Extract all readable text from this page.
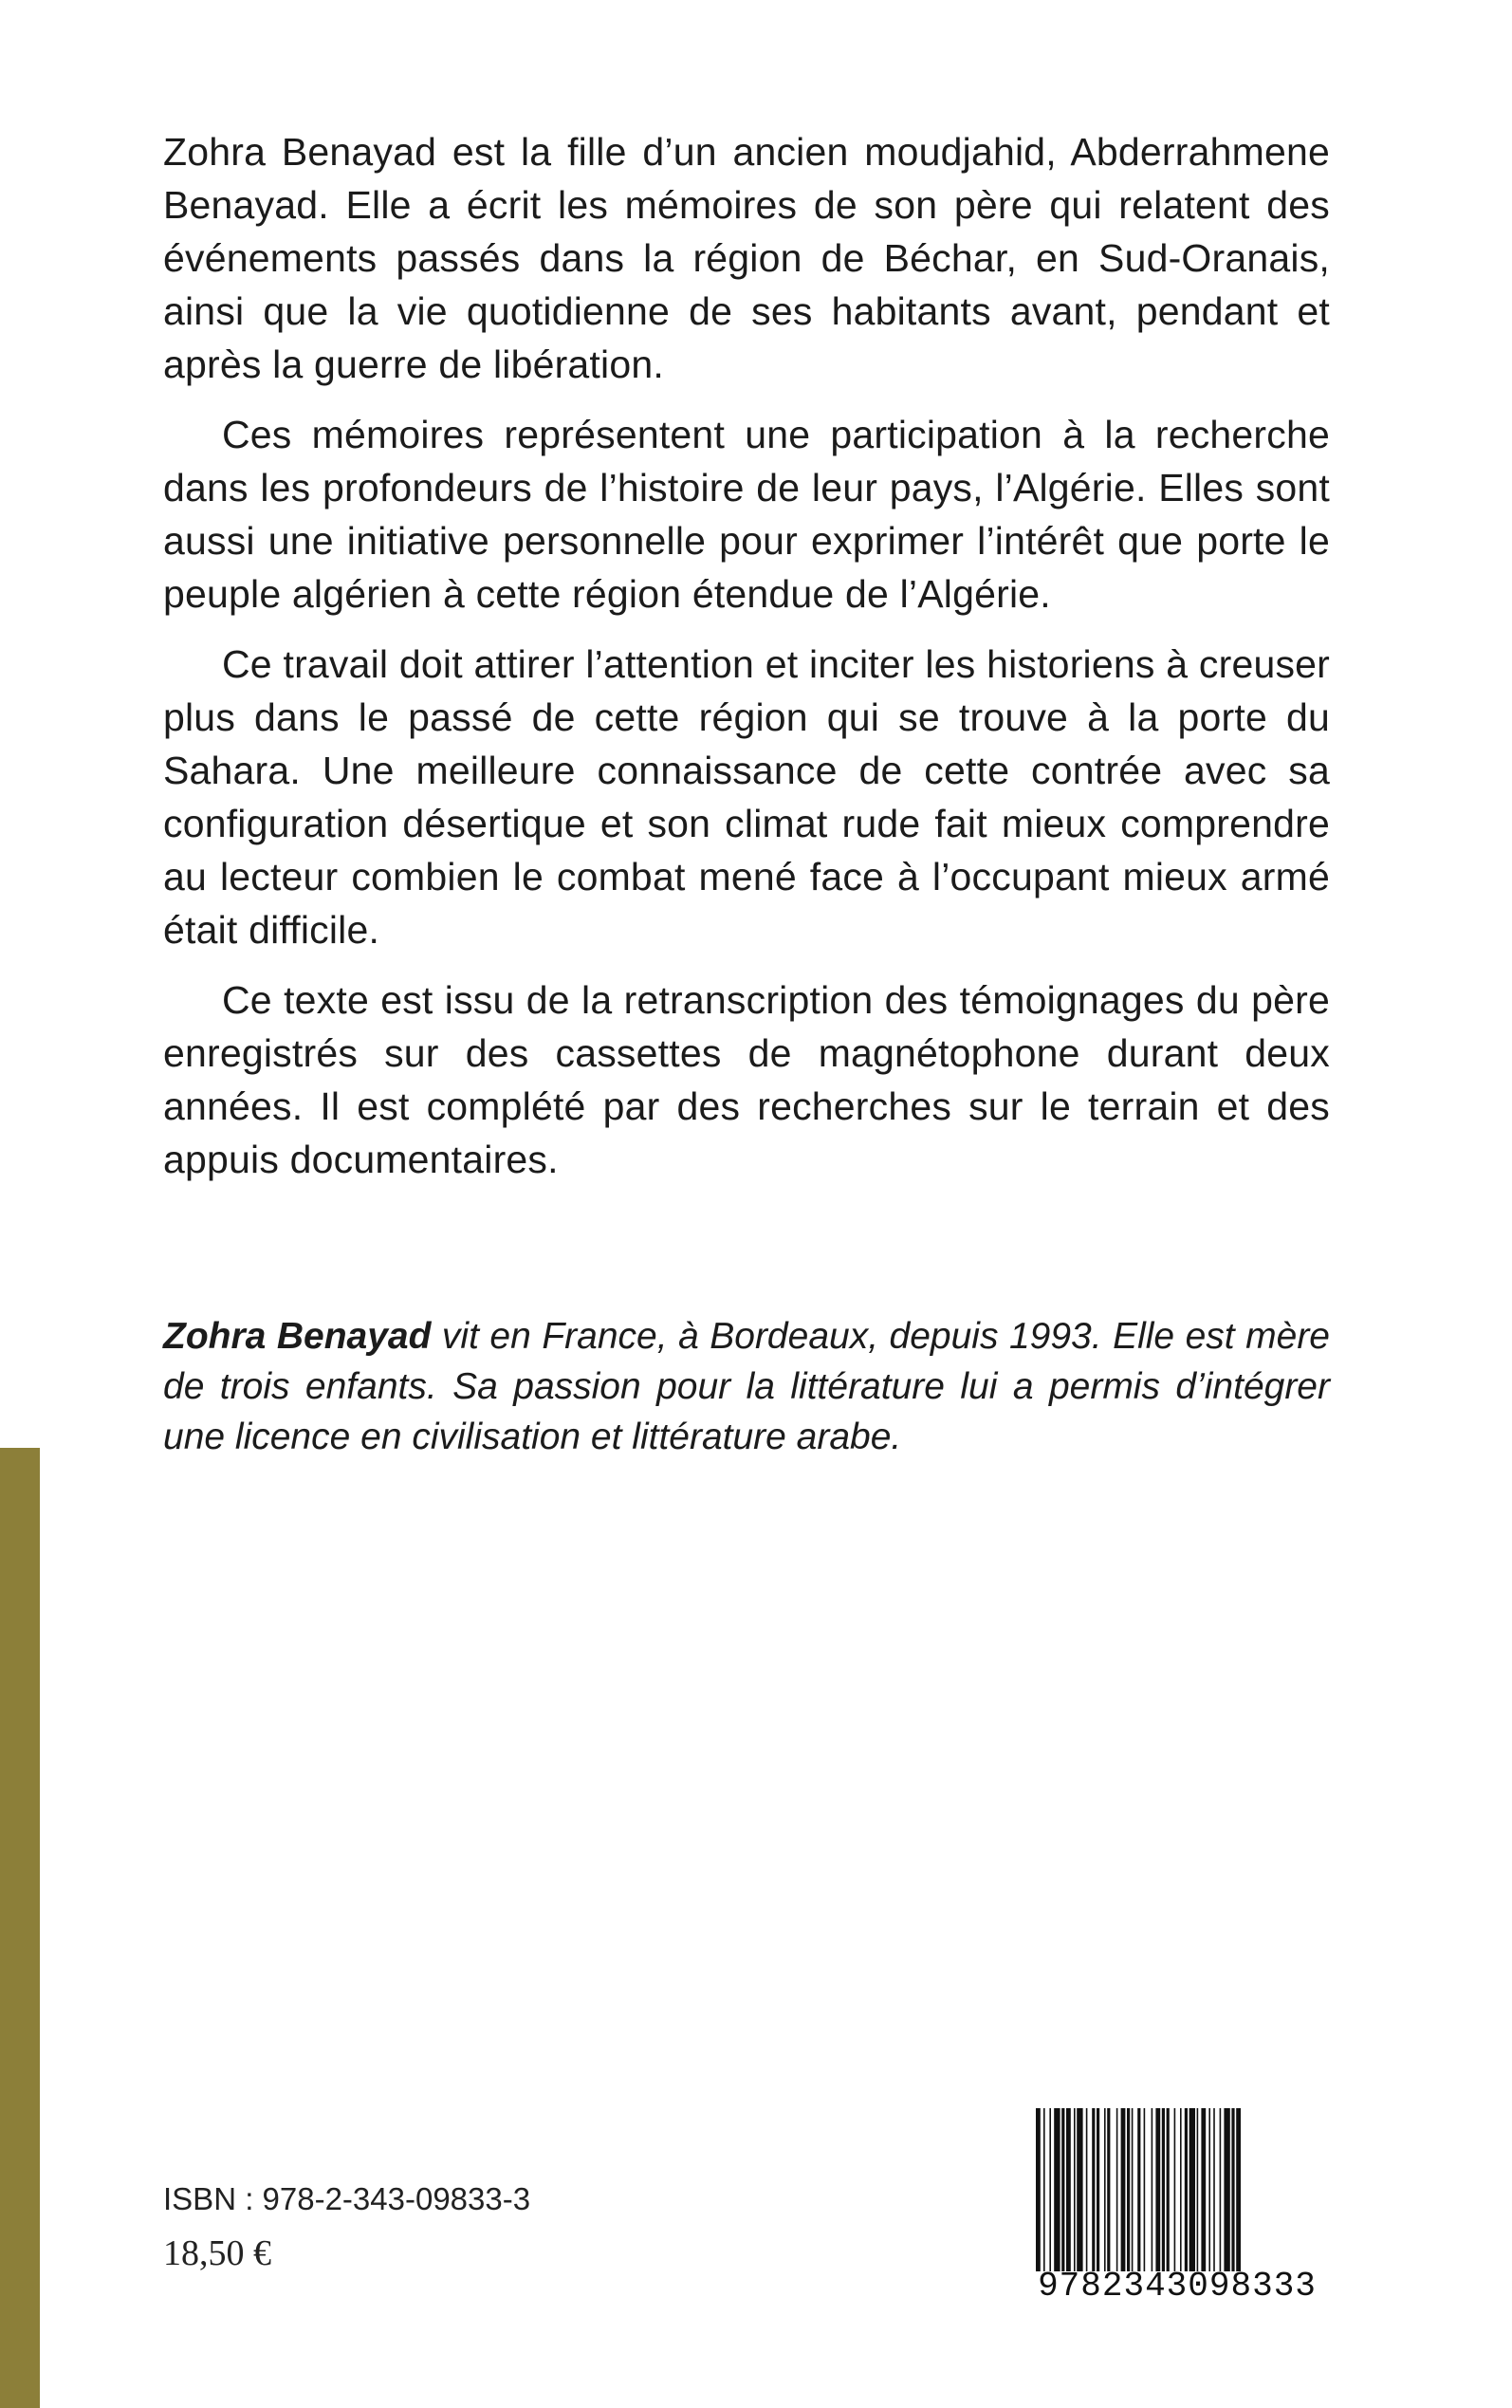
Zohra Benayad est la fille d’un ancien moudjahid, Abderrahmene Benayad. Elle a écrit les mémoires de son père qui relatent des événements passés dans la région de Béchar, en Sud-Oranais, ainsi que la vie quotidienne de ses habitants avant, pendant et après la guerre de libération.

Ces mémoires représentent une participation à la recherche dans les profondeurs de l’histoire de leur pays, l’Algérie. Elles sont aussi une initiative personnelle pour exprimer l’intérêt que porte le peuple algérien à cette région étendue de l’Algérie.

Ce travail doit attirer l’attention et inciter les historiens à creuser plus dans le passé de cette région qui se trouve à la porte du Sahara. Une meilleure connaissance de cette contrée avec sa configuration désertique et son climat rude fait mieux comprendre au lecteur combien le combat mené face à l’occupant mieux armé était difficile.

Ce texte est issu de la retranscription des témoignages du père enregistrés sur des cassettes de magnétophone durant deux années. Il est complété par des recherches sur le terrain et des appuis documentaires.

Zohra Benayad vit en France, à Bordeaux, depuis 1993. Elle est mère de trois enfants. Sa passion pour la littérature lui a permis d’intégrer une licence en civilisation et littérature arabe.

ISBN : 978-2-343-09833-3
18,50 €
9782343098333
